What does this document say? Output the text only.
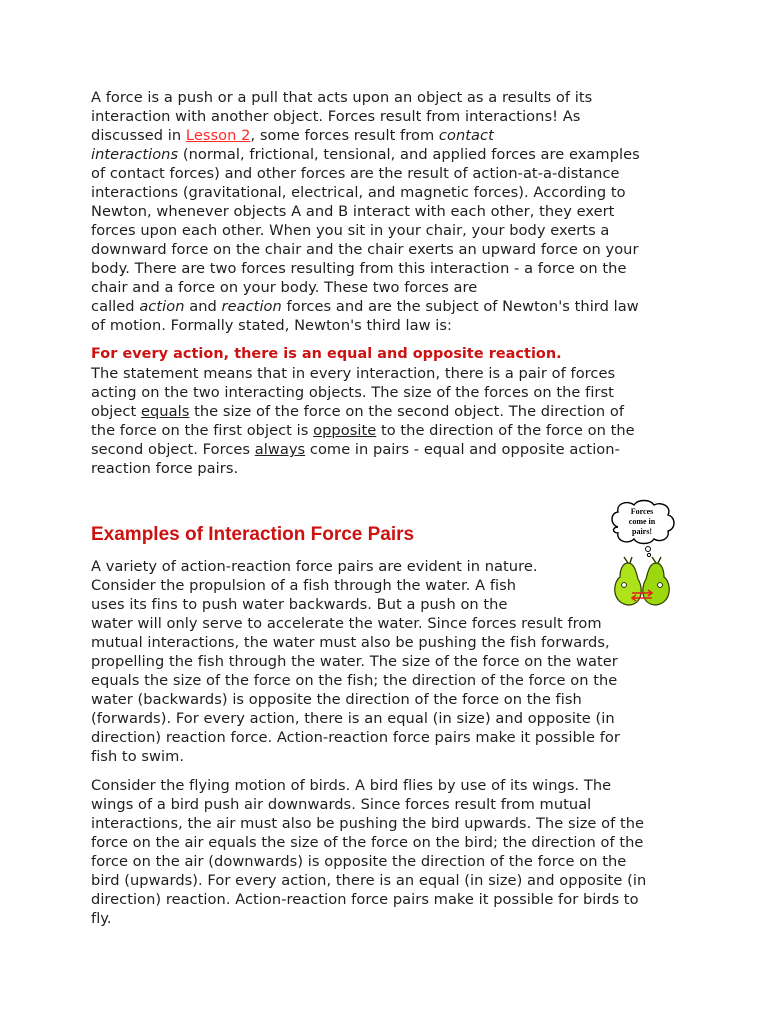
A force is a push or a pull that acts upon an object as a results of its

interaction with another object. Forces result from interactions! As

discussed in Lesson 2, some forces result from contact

interactions (normal, frictional, tensional, and applied forces are examples

of contact forces) and other forces are the result of action-at-a-distance

interactions (gravitational, electrical, and magnetic forces). According to

Newton, whenever objects A and B interact with each other, they exert

forces upon each other. When you sit in your chair, your body exerts a

downward force on the chair and the chair exerts an upward force on your

body. There are two forces resulting from this interaction - a force on the

chair and a force on your body. These two forces are

called action and reaction forces and are the subject of Newton's third law

of motion. Formally stated, Newton's third law is:

For every action, there is an equal and opposite reaction.

The statement means that in every interaction, there is a pair of forces

acting on the two interacting objects. The size of the forces on the first

object equals the size of the force on the second object. The direction of

the force on the first object is opposite to the direction of the force on the

second object. Forces always come in pairs - equal and opposite action-

reaction force pairs.

Examples of Interaction Force Pairs
Forces
come in
pairs!

A variety of action-reaction force pairs are evident in nature.

Consider the propulsion of a fish through the water. A fish

uses its fins to push water backwards. But a push on the

water will only serve to accelerate the water. Since forces result from

mutual interactions, the water must also be pushing the fish forwards,

propelling the fish through the water. The size of the force on the water

equals the size of the force on the fish; the direction of the force on the

water (backwards) is opposite the direction of the force on the fish

(forwards). For every action, there is an equal (in size) and opposite (in

direction) reaction force. Action-reaction force pairs make it possible for

fish to swim.

Consider the flying motion of birds. A bird flies by use of its wings. The

wings of a bird push air downwards. Since forces result from mutual

interactions, the air must also be pushing the bird upwards. The size of the

force on the air equals the size of the force on the bird; the direction of the

force on the air (downwards) is opposite the direction of the force on the

bird (upwards). For every action, there is an equal (in size) and opposite (in

direction) reaction. Action-reaction force pairs make it possible for birds to

fly.
